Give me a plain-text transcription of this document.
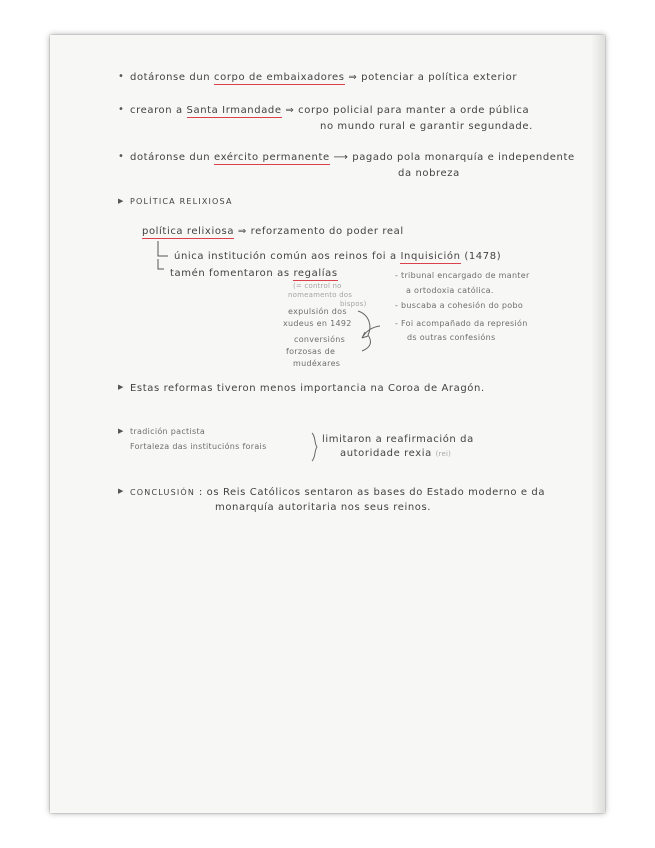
• dotáronse dun corpo de embaixadores ⇒ potenciar a política exterior
• crearon a Santa Irmandade ⇒ corpo policial para manter a orde pública
no mundo rural e garantir segundade.
• dotáronse dun exército permanente ⟶ pagado pola monarquía e independente
da nobreza
▶ POLÍTICA RELIXIOSA
política relixiosa ⇒ reforzamento do poder real
única institución común aos reinos foi a Inquisición (1478)
tamén fomentaron as regalías
(= control no
nomeamento dos
bispos)
- tribunal encargado de manter
a ortodoxia católica.
- buscaba a cohesión do pobo
- Foi acompañado da represión
ds outras confesións
expulsión dos
xudeus en 1492
conversións
forzosas de
mudéxares
▶ Estas reformas tiveron menos importancia na Coroa de Aragón.
▶ tradición pactista
Fortaleza das institucións forais
limitaron a reafirmación da
autoridade rexia (rei)
▶ CONCLUSIÓN : os Reis Católicos sentaron as bases do Estado moderno e da
monarquía autoritaria nos seus reinos.
